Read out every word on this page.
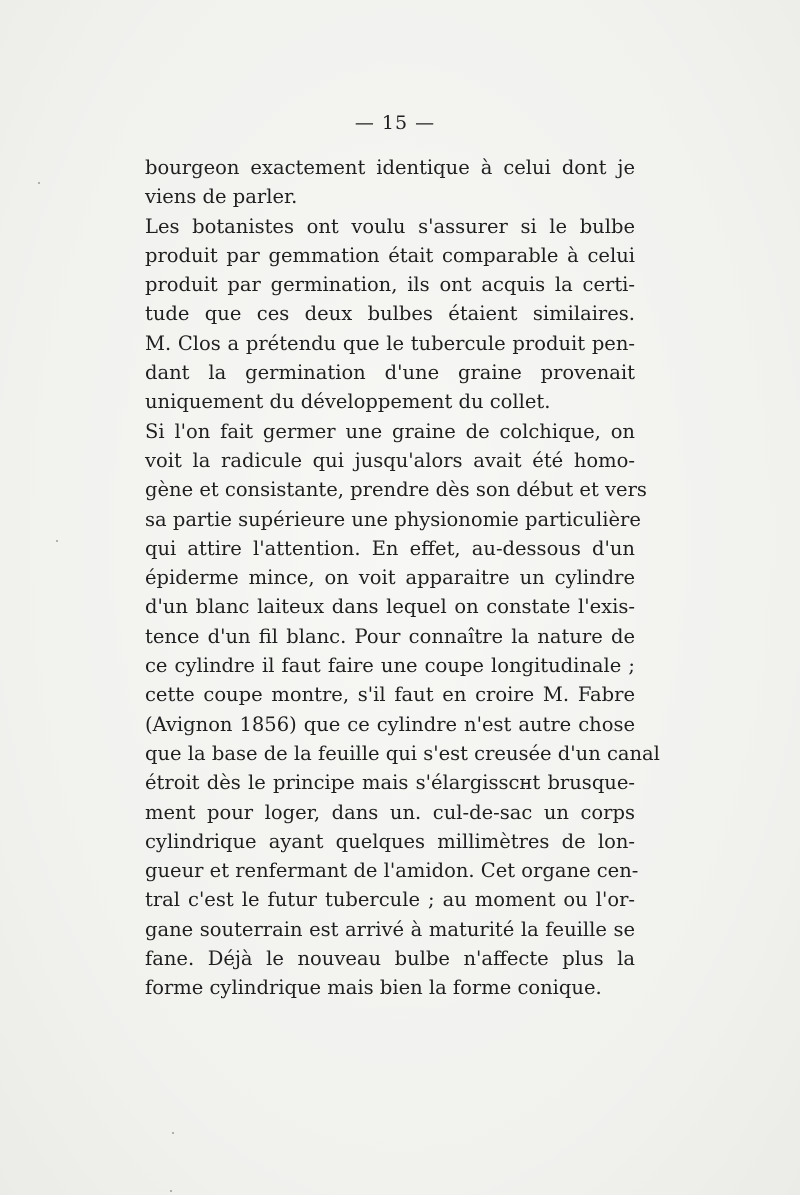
— 15 —
bourgeon exactement identique à celui dont je
viens de parler.
Les botanistes ont voulu s'assurer si le bulbe
produit par gemmation était comparable à celui
produit par germination, ils ont acquis la certi-
tude que ces deux bulbes étaient similaires.
M. Clos a prétendu que le tubercule produit pen-
dant la germination d'une graine provenait
uniquement du développement du collet.
Si l'on fait germer une graine de colchique, on
voit la radicule qui jusqu'alors avait été homo-
gène et consistante, prendre dès son début et vers
sa partie supérieure une physionomie particulière
qui attire l'attention. En effet, au-dessous d'un
épiderme mince, on voit apparaitre un cylindre
d'un blanc laiteux dans lequel on constate l'exis-
tence d'un fil blanc. Pour connaître la nature de
ce cylindre il faut faire une coupe longitudinale ;
cette coupe montre, s'il faut en croire M. Fabre
(Avignon 1856) que ce cylindre n'est autre chose
que la base de la feuille qui s'est creusée d'un canal
étroit dès le principe mais s'élargissснt brusque-
ment pour loger, dans un. cul-de-sac un corps
cylindrique ayant quelques millimètres de lon-
gueur et renfermant de l'amidon. Cet organe cen-
tral c'est le futur tubercule ; au moment ou l'or-
gane souterrain est arrivé à maturité la feuille se
fane. Déjà le nouveau bulbe n'affecte plus la
forme cylindrique mais bien la forme conique.
